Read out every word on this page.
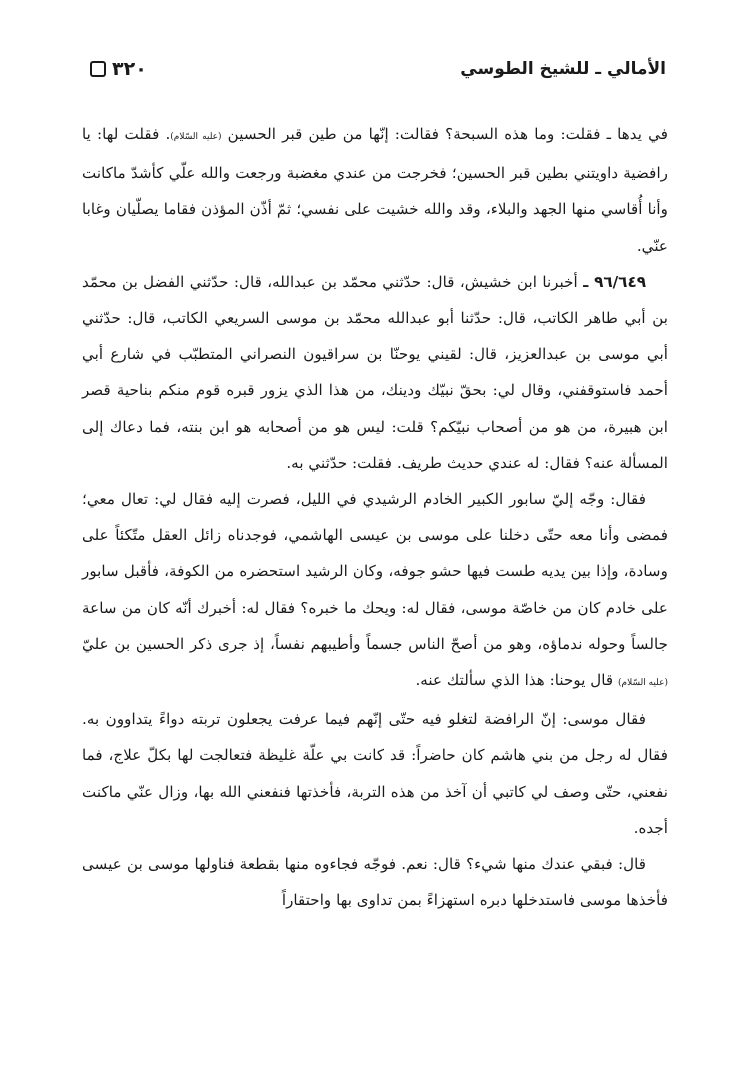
٣٢٠	الأمالي ـ للشيخ الطوسي

في يدها ـ فقلت: وما هذه السبحة؟ فقالت: إنّها من طين قبر الحسين (عليه السّلام). فقلت لها: يا رافضية داويتني بطين قبر الحسين؛ فخرجت من عندي مغضبة ورجعت والله علّي كأشدّ ماكانت وأنا أُقاسي منها الجهد والبلاء، وقد والله خشيت على نفسي؛ ثمّ أذّن المؤذن فقاما يصلّيان وغابا عنّي.

٩٦/٦٤٩ ـ أخبرنا ابن خشيش، قال: حدّثني محمّد بن عبدالله، قال: حدّثني الفضل بن محمّد بن أبي طاهر الكاتب، قال: حدّثنا أبو عبدالله محمّد بن موسى السريعي الكاتب، قال: حدّثني أبي موسى بن عبدالعزيز، قال: لقيني يوحنّا بن سراقيون النصراني المتطبّب في شارع أبي أحمد فاستوقفني، وقال لي: بحقّ نبيّك ودينك، من هذا الذي يزور قبره قوم منكم بناحية قصر ابن هبيرة، من هو من أصحاب نبيّكم؟ قلت: ليس هو من أصحابه هو ابن بنته، فما دعاك إلى المسألة عنه؟ فقال: له عندي حديث طريف. فقلت: حدّثني به.

فقال: وجّه إليّ سابور الكبير الخادم الرشيدي في الليل، فصرت إليه فقال لي: تعال معي؛ فمضى وأنا معه حتّى دخلنا على موسى بن عيسى الهاشمي، فوجدناه زائل العقل متّكئاً على وسادة، وإذا بين يديه طست فيها حشو جوفه، وكان الرشيد استحضره من الكوفة، فأقبل سابور على خادم كان من خاصّة موسى، فقال له: ويحك ما خبره؟ فقال له: أخبرك أنّه كان من ساعة جالساً وحوله ندماؤه، وهو من أصحّ الناس جسماً وأطيبهم نفساً، إذ جرى ذكر الحسين بن عليّ (عليه السّلام) قال يوحنا: هذا الذي سألتك عنه.

فقال موسى: إنّ الرافضة لتغلو فيه حتّى إنّهم فيما عرفت يجعلون تربته دواءً يتداوون به. فقال له رجل من بني هاشم كان حاضراً: قد كانت بي علّة غليظة فتعالجت لها بكلّ علاج، فما نفعني، حتّى وصف لي كاتبي أن آخذ من هذه التربة، فأخذتها فنفعني الله بها، وزال عنّي ماكنت أجده.

قال: فبقي عندك منها شيء؟ قال: نعم. فوجّه فجاءوه منها بقطعة فناولها موسى بن عيسى فأخذها موسى فاستدخلها دبره استهزاءً بمن تداوى بها واحتقاراً
